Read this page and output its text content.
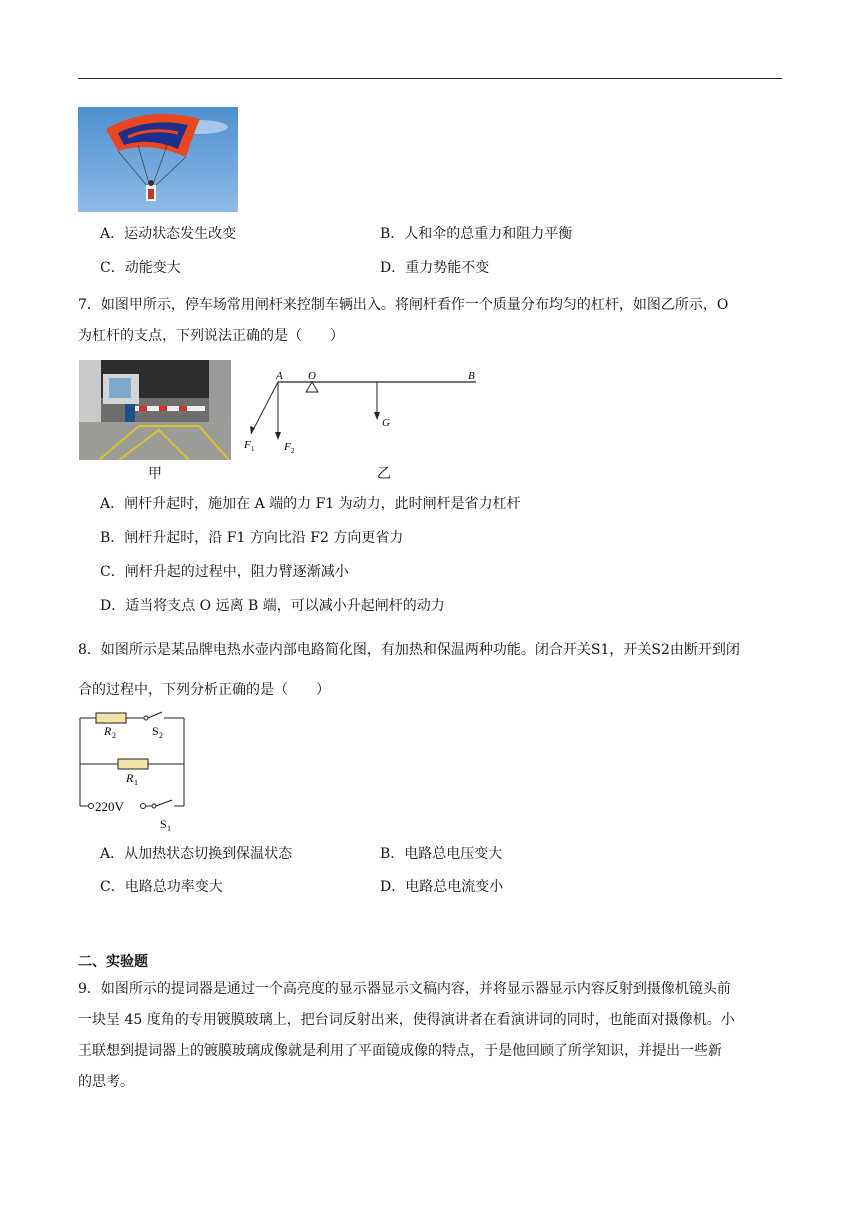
A．运动状态发生改变	B．人和伞的总重力和阻力平衡
C．动能变大	D．重力势能不变
7．如图甲所示，停车场常用闸杆来控制车辆出入。将闸杆看作一个质量分布均匀的杠杆，如图乙所示，O
为杠杆的支点，下列说法正确的是（　　）
甲
A O	B
G
F 1	F 2
乙
A．闸杆升起时，施加在 A 端的力 F1 为动力，此时闸杆是省力杠杆
B．闸杆升起时，沿 F1 方向比沿 F2 方向更省力
C．闸杆升起的过程中，阻力臂逐渐减小
D．适当将支点 O 远离 B 端，可以减小升起闸杆的动力
8．如图所示是某品牌电热水壶内部电路简化图，有加热和保温两种功能。闭合开关S1，开关S2由断开到闭
合的过程中，下列分析正确的是（　　）
R 2	S 2
R 1
220V
S 1
A．从加热状态切换到保温状态	B．电路总电压变大
C．电路总功率变大	D．电路总电流变小
二、实验题
9．如图所示的提词器是通过一个高亮度的显示器显示文稿内容，并将显示器显示内容反射到摄像机镜头前
一块呈 45 度角的专用镀膜玻璃上，把台词反射出来，使得演讲者在看演讲词的同时，也能面对摄像机。小
王联想到提词器上的镀膜玻璃成像就是利用了平面镜成像的特点，于是他回顾了所学知识，并提出一些新
的思考。
